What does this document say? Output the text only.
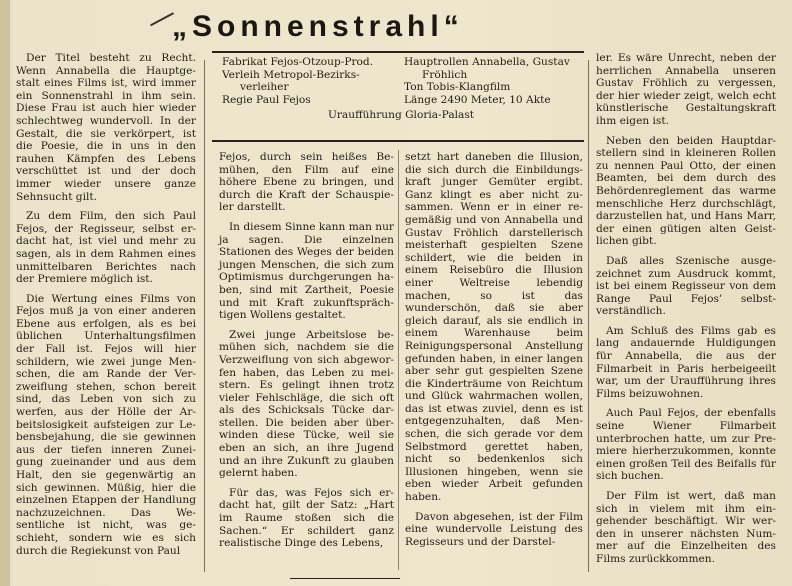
„Sonnenstrahl“
Fabrikat Fejos-Otzoup-Prod.
Verleih Metropol-Bezirks-
verleiher
Regie Paul Fejos
Hauptrollen Annabella, Gustav
Fröhlich
Ton Tobis-Klangfilm
Länge 2490 Meter, 10 Akte
Uraufführung Gloria-Palast

Der Titel besteht zu Recht. Wenn Annabella die Hauptgestalt eines Films ist, wird immer ein Sonnenstrahl in ihm sein. Diese Frau ist auch hier wieder schlechtweg wundervoll. In der Gestalt, die sie verkörpert, ist die Poesie, die in uns in den rauhen Kämpfen des Lebens verschüttet ist und der doch immer wieder unsere ganze Sehnsucht gilt.

Zu dem Film, den sich Paul Fejos, der Regisseur, selbst erdacht hat, ist viel und mehr zu sagen, als in dem Rahmen eines unmittelbaren Berichtes nach der Premiere möglich ist.

Die Wertung eines Films von Fejos muß ja von einer anderen Ebene aus erfolgen, als es bei üblichen Unterhaltungsfilmen der Fall ist. Fejos will hier schildern, wie zwei junge Menschen, die am Rande der Verzweiflung stehen, schon bereit sind, das Leben von sich zu werfen, aus der Hölle der Arbeitslosigkeit aufsteigen zur Lebensbejahung, die sie gewinnen aus der tiefen inneren Zuneigung zueinander und aus dem Halt, den sie gegenwärtig an sich gewinnen. Müßig, hier die einzelnen Etappen der Handlung nachzuzeichnen. Das Wesentliche ist nicht, was geschieht, sondern wie es sich durch die Regiekunst von Paul

Fejos, durch sein heißes Bemühen, den Film auf eine höhere Ebene zu bringen, und durch die Kraft der Schauspieler darstellt.

In diesem Sinne kann man nur ja sagen. Die einzelnen Stationen des Weges der beiden jungen Menschen, die sich zum Optimismus durchgerungen haben, sind mit Zartheit, Poesie und mit Kraft zukunftsprächtigen Wollens gestaltet.

Zwei junge Arbeitslose bemühen sich, nachdem sie die Verzweiflung von sich abgeworfen haben, das Leben zu meistern. Es gelingt ihnen trotz vieler Fehlschläge, die sich oft als des Schicksals Tücke darstellen. Die beiden aber überwinden diese Tücke, weil sie eben an sich, an ihre Jugend und an ihre Zukunft zu glauben gelernt haben.

Für das, was Fejos sich erdacht hat, gilt der Satz: „Hart im Raume stoßen sich die Sachen.“ Er schildert ganz realistische Dinge des Lebens,

setzt hart daneben die Illusion, die sich durch die Einbildungskraft junger Gemüter ergibt. Ganz klingt es aber nicht zusammen. Wenn er in einer regemäßig und von Annabella und Gustav Fröhlich darstellerisch meisterhaft gespielten Szene schildert, wie die beiden in einem Reisebüro die Illusion einer Weltreise lebendig machen, so ist das wunderschön, daß sie aber gleich darauf, als sie endlich in einem Warenhause beim Reinigungspersonal Anstellung gefunden haben, in einer langen aber sehr gut gespielten Szene die Kinderträume von Reichtum und Glück wahrmachen wollen, das ist etwas zuviel, denn es ist entgegenzuhalten, daß Menschen, die sich gerade vor dem Selbstmord gerettet haben, nicht so bedenkenlos sich Illusionen hingeben, wenn sie eben wieder Arbeit gefunden haben.

Davon abgesehen, ist der Film eine wundervolle Leistung des Regisseurs und der Darstel-

ler. Es wäre Unrecht, neben der herrlichen Annabella unseren Gustav Fröhlich zu vergessen, der hier wieder zeigt, welch echt künstlerische Gestaltungskraft ihm eigen ist.

Neben den beiden Hauptdarstellern sind in kleineren Rollen zu nennen Paul Otto, der einen Beamten, bei dem durch des Behördenreglement das warme menschliche Herz durchschlägt, darzustellen hat, und Hans Marr, der einen gütigen alten Geistlichen gibt.

Daß alles Szenische ausgezeichnet zum Ausdruck kommt, ist bei einem Regisseur von dem Range Paul Fejos’ selbstverständlich.

Am Schluß des Films gab es lang andauernde Huldigungen für Annabella, die aus der Filmarbeit in Paris herbeigeeilt war, um der Uraufführung ihres Films beizuwohnen.

Auch Paul Fejos, der ebenfalls seine Wiener Filmarbeit unterbrochen hatte, um zur Premiere hierherzukommen, konnte einen großen Teil des Beifalls für sich buchen.

Der Film ist wert, daß man sich in vielem mit ihm eingehender beschäftigt. Wir werden in unserer nächsten Nummer auf die Einzelheiten des Films zurückkommen.
